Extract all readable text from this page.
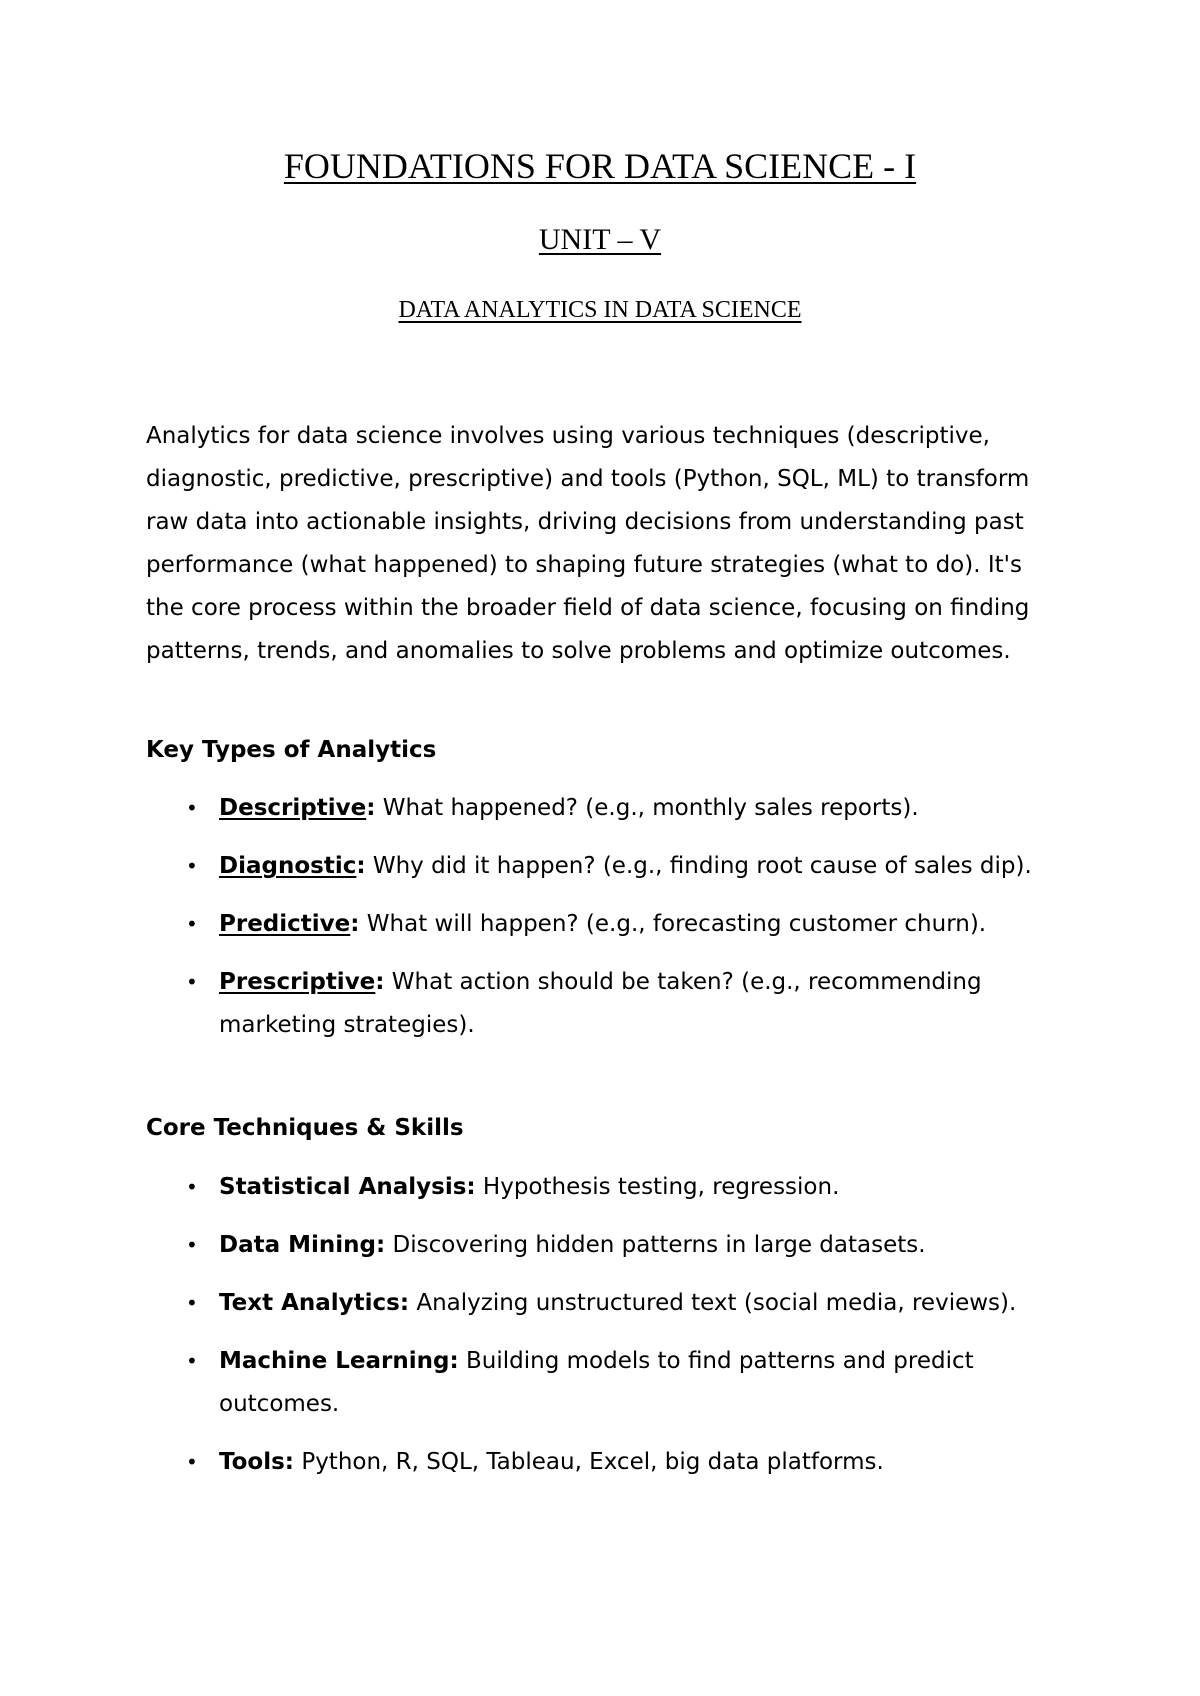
FOUNDATIONS FOR DATA SCIENCE - I
UNIT – V
DATA ANALYTICS IN DATA SCIENCE

Analytics for data science involves using various techniques (descriptive, diagnostic, predictive, prescriptive) and tools (Python, SQL, ML) to transform raw data into actionable insights, driving decisions from understanding past performance (what happened) to shaping future strategies (what to do). It's the core process within the broader field of data science, focusing on finding patterns, trends, and anomalies to solve problems and optimize outcomes.

Key Types of Analytics
• Descriptive: What happened? (e.g., monthly sales reports).
• Diagnostic: Why did it happen? (e.g., finding root cause of sales dip).
• Predictive: What will happen? (e.g., forecasting customer churn).
• Prescriptive: What action should be taken? (e.g., recommending marketing strategies).
Core Techniques & Skills
• Statistical Analysis: Hypothesis testing, regression.
• Data Mining: Discovering hidden patterns in large datasets.
• Text Analytics: Analyzing unstructured text (social media, reviews).
• Machine Learning: Building models to find patterns and predict outcomes.
• Tools: Python, R, SQL, Tableau, Excel, big data platforms.
